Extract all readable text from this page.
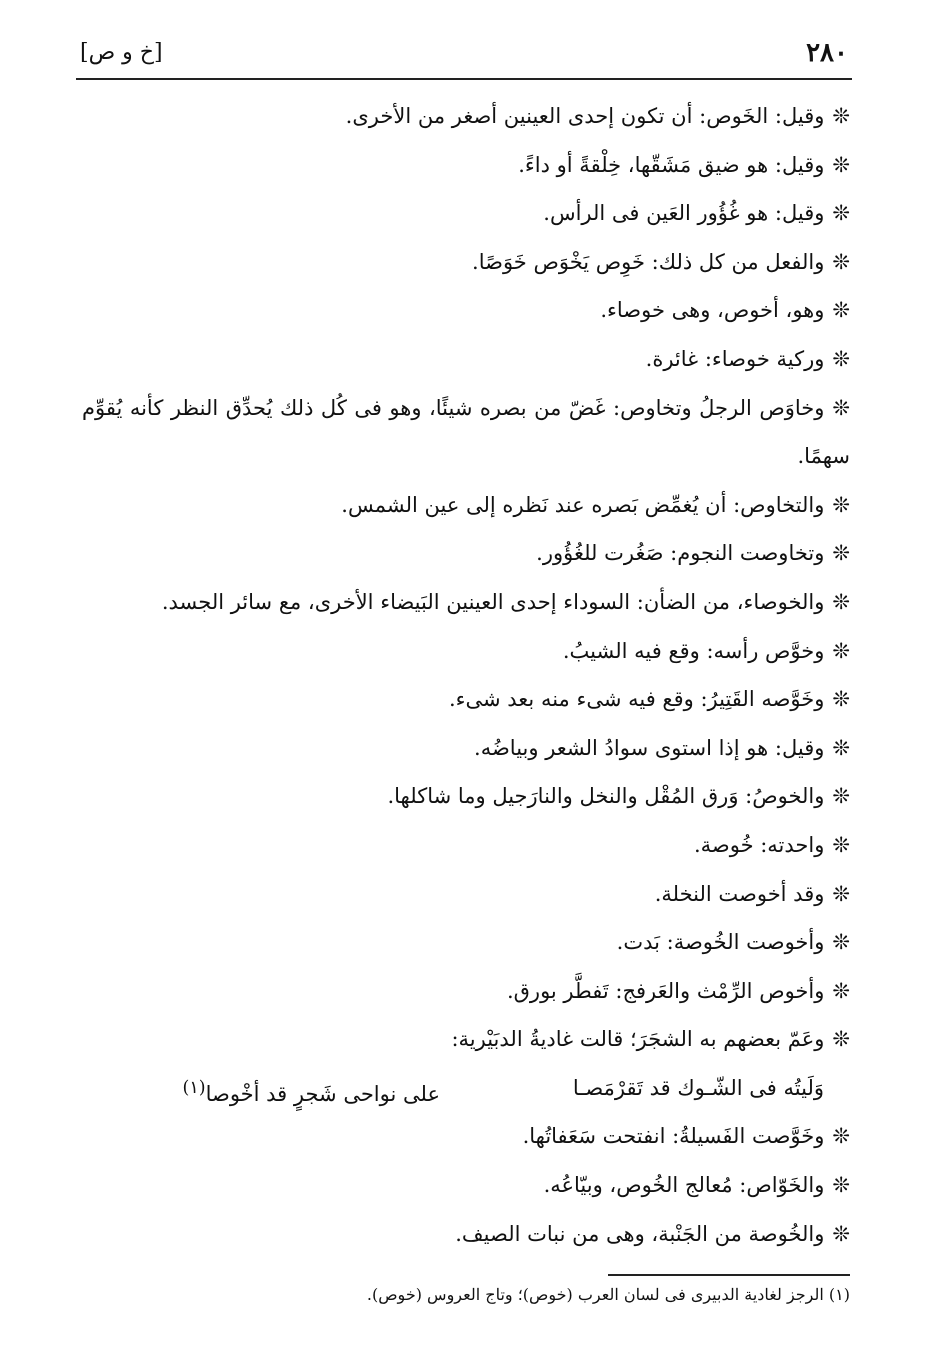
٢٨٠
[خ و ص]

❊وقيل: الخَوص: أن تكون إحدى العينين أصغر من الأخرى.

❊وقيل: هو ضيق مَشَقّها، خِلْقةً أو داءً.

❊وقيل: هو غُؤُور العَين فى الرأس.

❊والفعل من كل ذلك: خَوِص يَخْوَص خَوَصًا.

❊وهو، أخوص، وهى خوصاء.

❊وركية خوصاء: غائرة.

❊وخاوَص الرجلُ وتخاوص: غَضّ من بصره شيئًا، وهو فى كُل ذلك يُحدِّق النظر كأنه يُقوِّم سهمًا.

❊والتخاوص: أن يُغمِّض بَصره عند نَظره إلى عين الشمس.

❊وتخاوصت النجوم: صَغُرت للغُؤُور.

❊والخوصاء، من الضأن: السوداء إحدى العينين البَيضاء الأخرى، مع سائر الجسد.

❊وخوَّص رأسه: وقع فيه الشيبُ.

❊وخَوَّصه القَتِيرُ: وقع فيه شىء منه بعد شىء.

❊وقيل: هو إذا استوى سوادُ الشعر وبياضُه.

❊والخوصُ: وَرق المُقْل والنخل والنارَجيل وما شاكلها.

❊واحدته: خُوصة.

❊وقد أخوصت النخلة.

❊وأخوصت الخُوصة: بَدت.

❊وأخوص الرِّمْث والعَرفج: تَفطَّر بورق.

❊وعَمّ بعضهم به الشجَرَ؛ قالت غاديةُ الدبَيْرية:

وَلَيتُه فى الشّـوك قد تَقرْمَصـا
على نواحى شَجرٍ قد أخْوصا$^{(١)}$

❊وخَوَّصت الفَسيلةُ: انفتحت سَعَفاتُها.

❊والخَوّاص: مُعالج الخُوص، وبيّاعُه.

❊والخُوصة من الجَنْبة، وهى من نبات الصيف.

(١) الرجز لغادية الدبيرى فى لسان العرب (خوص)؛ وتاج العروس (خوص).
